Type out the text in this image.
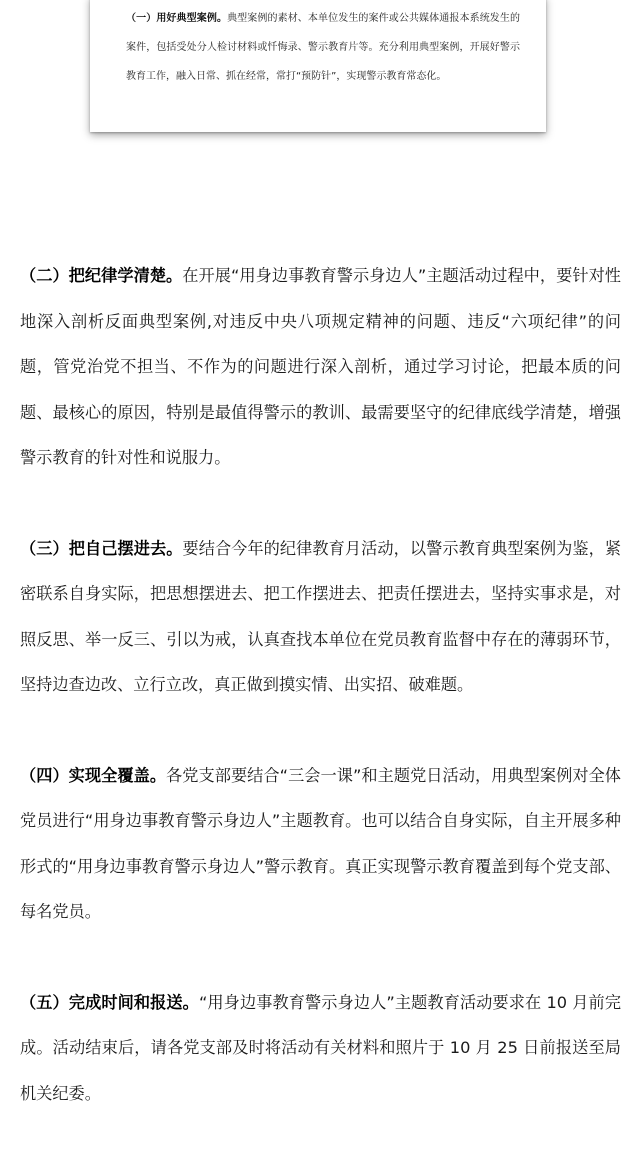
（一）用好典型案例。典型案例的素材、本单位发生的案件或公共媒体通报本系统发生的案件，包括受处分人检讨材料或忏悔录、警示教育片等。充分利用典型案例，开展好警示教育工作，融入日常、抓在经常，常打“预防针”，实现警示教育常态化。

（二）把纪律学清楚。在开展“用身边事教育警示身边人”主题活动过程中，要针对性地深入剖析反面典型案例,对违反中央八项规定精神的问题、违反“六项纪律”的问题，管党治党不担当、不作为的问题进行深入剖析，通过学习讨论，把最本质的问题、最核心的原因，特别是最值得警示的教训、最需要坚守的纪律底线学清楚，增强警示教育的针对性和说服力。

（三）把自己摆进去。要结合今年的纪律教育月活动，以警示教育典型案例为鉴，紧密联系自身实际，把思想摆进去、把工作摆进去、把责任摆进去，坚持实事求是，对照反思、举一反三、引以为戒，认真查找本单位在党员教育监督中存在的薄弱环节，坚持边查边改、立行立改，真正做到摸实情、出实招、破难题。

（四）实现全覆盖。各党支部要结合“三会一课”和主题党日活动，用典型案例对全体党员进行“用身边事教育警示身边人”主题教育。也可以结合自身实际，自主开展多种形式的“用身边事教育警示身边人”警示教育。真正实现警示教育覆盖到每个党支部、每名党员。

（五）完成时间和报送。“用身边事教育警示身边人”主题教育活动要求在 10 月前完成。活动结束后，请各党支部及时将活动有关材料和照片于 10 月 25 日前报送至局机关纪委。
